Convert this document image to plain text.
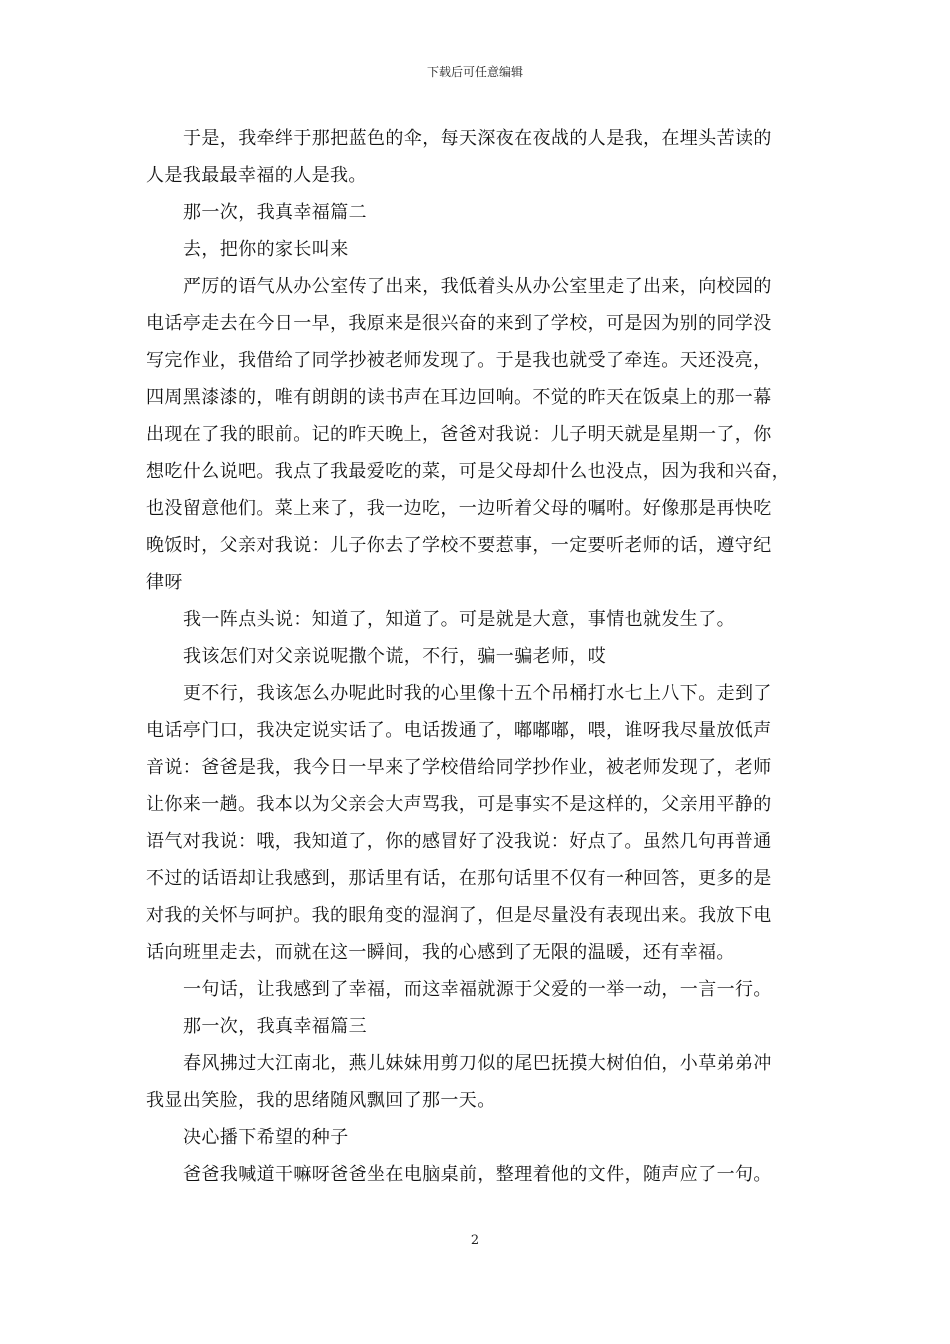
下载后可任意编辑
于是，我牵绊于那把蓝色的伞，每天深夜在夜战的人是我，在埋头苦读的
人是我最最幸福的人是我。
那一次，我真幸福篇二
去，把你的家长叫来
严厉的语气从办公室传了出来，我低着头从办公室里走了出来，向校园的
电话亭走去在今日一早，我原来是很兴奋的来到了学校，可是因为别的同学没
写完作业，我借给了同学抄被老师发现了。于是我也就受了牵连。天还没亮，
四周黑漆漆的，唯有朗朗的读书声在耳边回响。不觉的昨天在饭桌上的那一幕
出现在了我的眼前。记的昨天晚上，爸爸对我说：儿子明天就是星期一了，你
想吃什么说吧。我点了我最爱吃的菜，可是父母却什么也没点，因为我和兴奋，
也没留意他们。菜上来了，我一边吃，一边听着父母的嘱咐。好像那是再快吃
晚饭时，父亲对我说：儿子你去了学校不要惹事，一定要听老师的话，遵守纪
律呀
我一阵点头说：知道了，知道了。可是就是大意，事情也就发生了。
我该怎们对父亲说呢撒个谎，不行，骗一骗老师，哎
更不行，我该怎么办呢此时我的心里像十五个吊桶打水七上八下。走到了
电话亭门口，我决定说实话了。电话拨通了，嘟嘟嘟，喂，谁呀我尽量放低声
音说：爸爸是我，我今日一早来了学校借给同学抄作业，被老师发现了，老师
让你来一趟。我本以为父亲会大声骂我，可是事实不是这样的，父亲用平静的
语气对我说：哦，我知道了，你的感冒好了没我说：好点了。虽然几句再普通
不过的话语却让我感到，那话里有话，在那句话里不仅有一种回答，更多的是
对我的关怀与呵护。我的眼角变的湿润了，但是尽量没有表现出来。我放下电
话向班里走去，而就在这一瞬间，我的心感到了无限的温暖，还有幸福。
一句话，让我感到了幸福，而这幸福就源于父爱的一举一动，一言一行。
那一次，我真幸福篇三
春风拂过大江南北，燕儿妹妹用剪刀似的尾巴抚摸大树伯伯，小草弟弟冲
我显出笑脸，我的思绪随风飘回了那一天。
决心播下希望的种子
爸爸我喊道干嘛呀爸爸坐在电脑桌前，整理着他的文件，随声应了一句。
2
